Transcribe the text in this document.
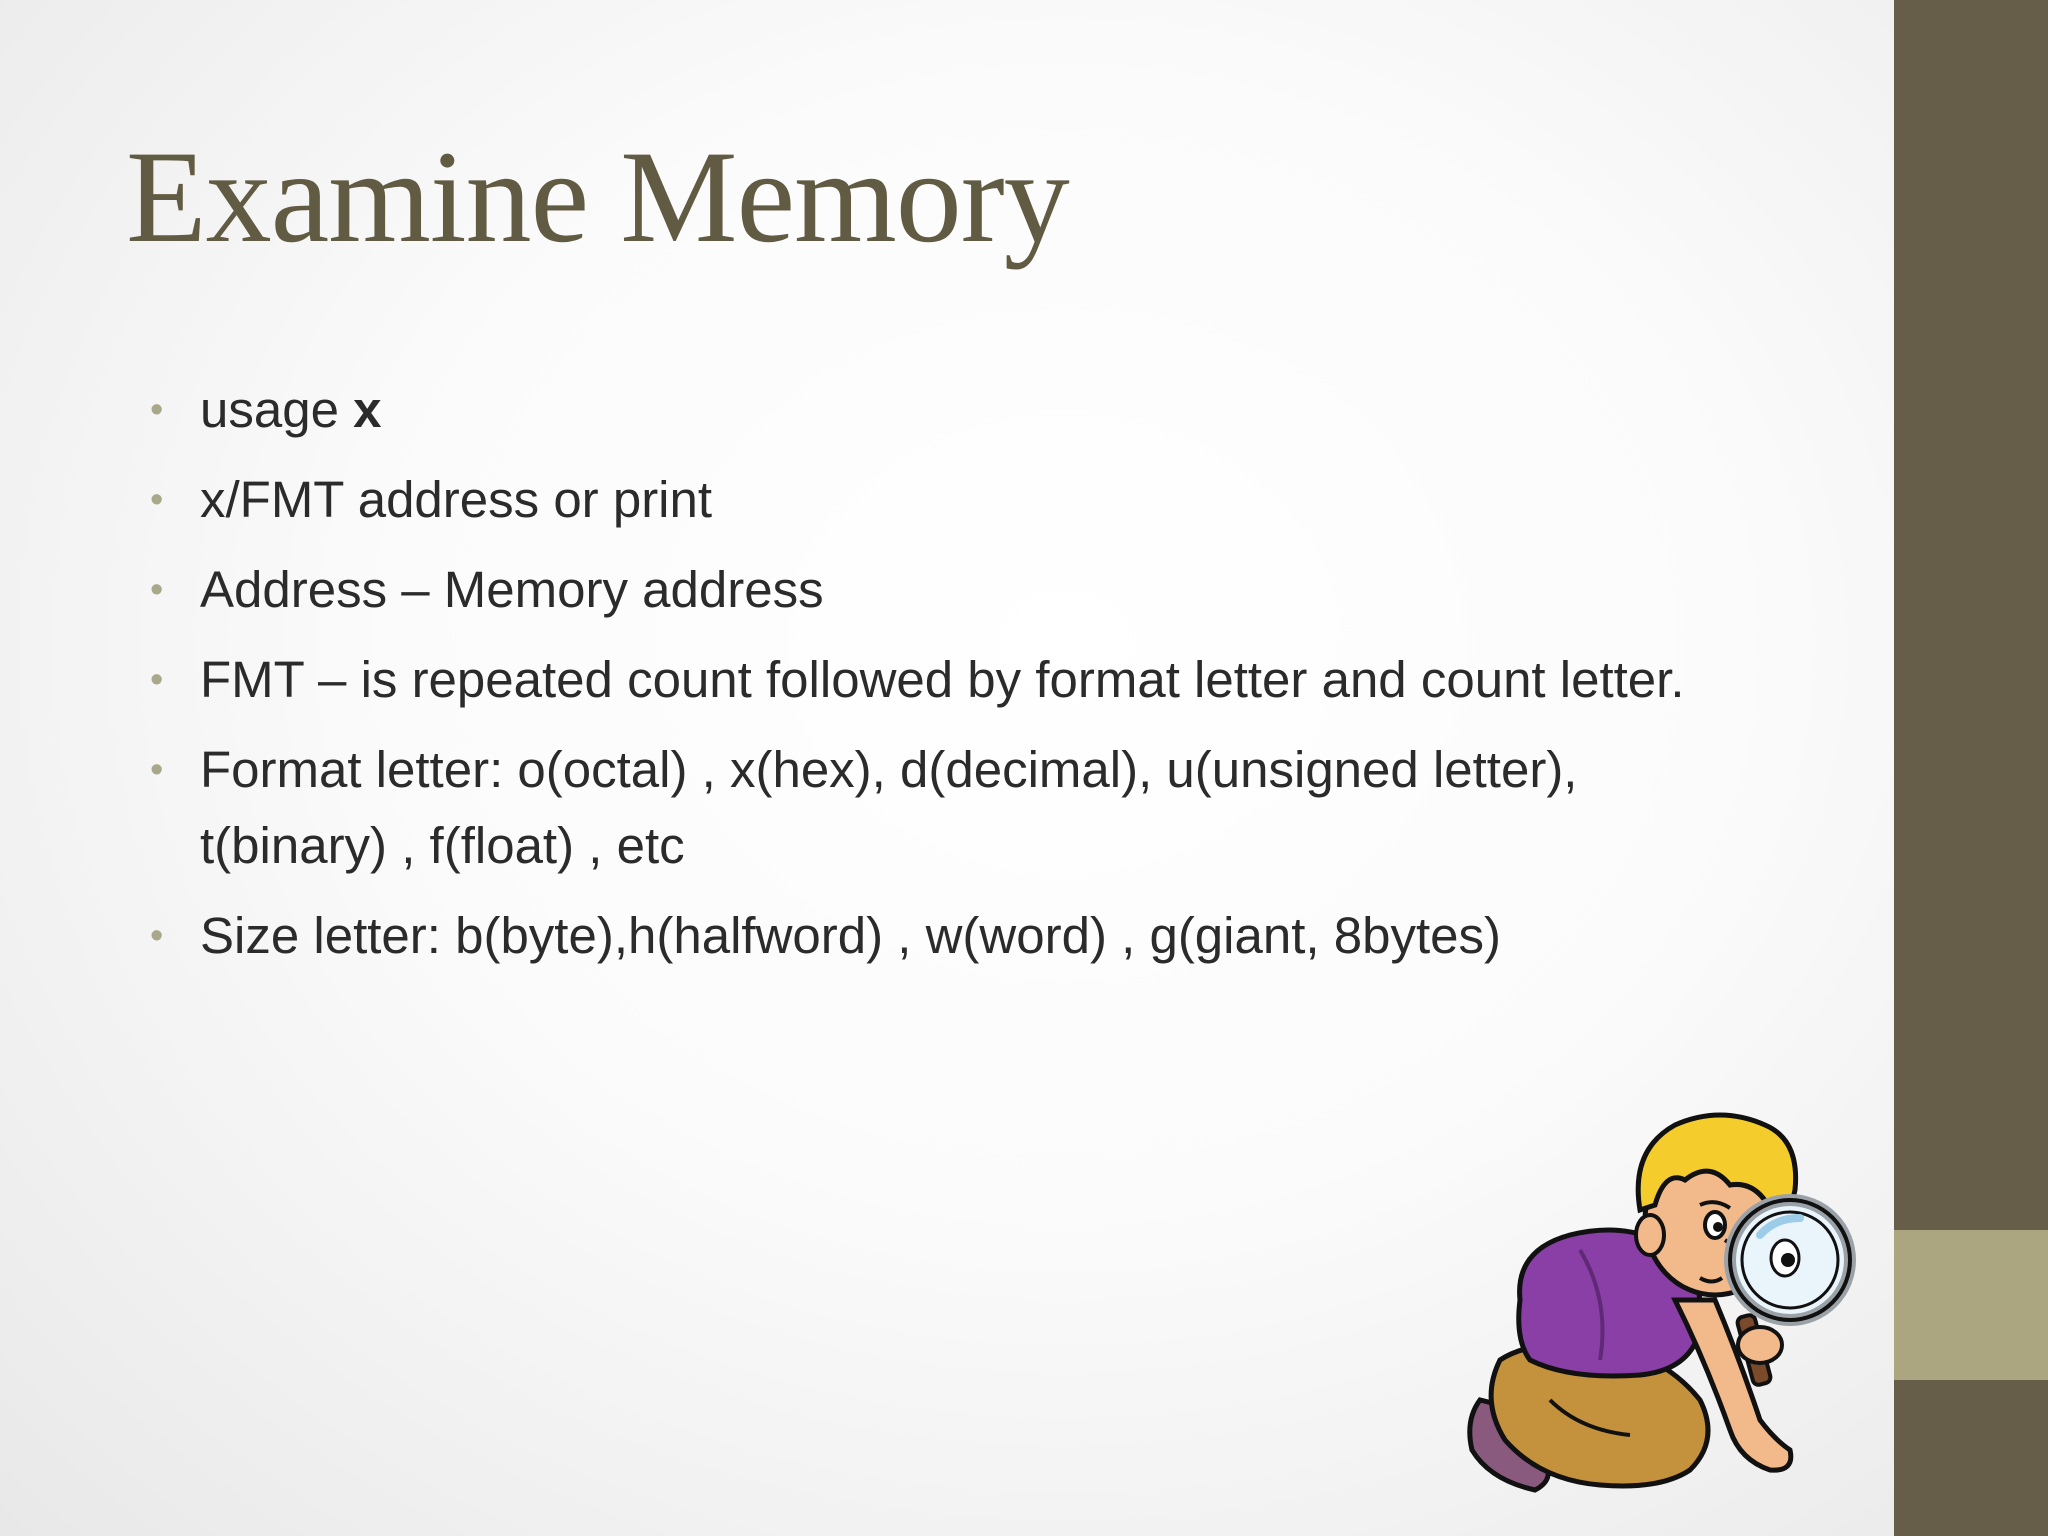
Examine Memory
• usage x
• x/FMT address or print
• Address – Memory address
• FMT – is repeated count followed by format letter and count letter.
• Format letter: o(octal) , x(hex), d(decimal), u(unsigned letter), t(binary) , f(float) , etc
• Size letter: b(byte),h(halfword) , w(word) , g(giant, 8bytes)
